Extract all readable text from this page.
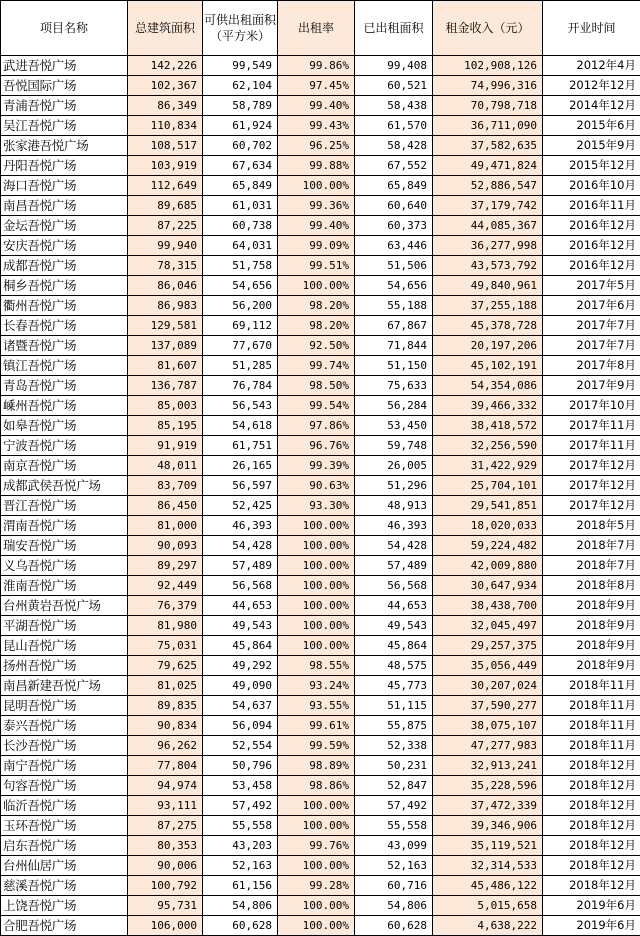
项目名称	总建筑面积	可供出租面积（平方米）	出租率	已出租面积	租金收入（元）	开业时间
武进吾悦广场	142,226	99,549	99.86%	99,408	102,908,126	2012年4月
吾悦国际广场	102,367	62,104	97.45%	60,521	74,996,316	2012年12月
青浦吾悦广场	86,349	58,789	99.40%	58,438	70,798,718	2014年12月
吴江吾悦广场	110,834	61,924	99.43%	61,570	36,711,090	2015年6月
张家港吾悦广场	108,517	60,702	96.25%	58,428	37,582,635	2015年9月
丹阳吾悦广场	103,919	67,634	99.88%	67,552	49,471,824	2015年12月
海口吾悦广场	112,649	65,849	100.00%	65,849	52,886,547	2016年10月
南昌吾悦广场	89,685	61,031	99.36%	60,640	37,179,742	2016年11月
金坛吾悦广场	87,225	60,738	99.40%	60,373	44,085,367	2016年12月
安庆吾悦广场	99,940	64,031	99.09%	63,446	36,277,998	2016年12月
成都吾悦广场	78,315	51,758	99.51%	51,506	43,573,792	2016年12月
桐乡吾悦广场	86,046	54,656	100.00%	54,656	49,840,961	2017年5月
衢州吾悦广场	86,983	56,200	98.20%	55,188	37,255,188	2017年6月
长春吾悦广场	129,581	69,112	98.20%	67,867	45,378,728	2017年7月
诸暨吾悦广场	137,089	77,670	92.50%	71,844	20,197,206	2017年7月
镇江吾悦广场	81,607	51,285	99.74%	51,150	45,102,191	2017年8月
青岛吾悦广场	136,787	76,784	98.50%	75,633	54,354,086	2017年9月
嵊州吾悦广场	85,003	56,543	99.54%	56,284	39,466,332	2017年10月
如皋吾悦广场	85,195	54,618	97.86%	53,450	38,418,572	2017年11月
宁波吾悦广场	91,919	61,751	96.76%	59,748	32,256,590	2017年11月
南京吾悦广场	48,011	26,165	99.39%	26,005	31,422,929	2017年12月
成都武侯吾悦广场	83,709	56,597	90.63%	51,296	25,704,101	2017年12月
晋江吾悦广场	86,450	52,425	93.30%	48,913	29,541,851	2017年12月
渭南吾悦广场	81,000	46,393	100.00%	46,393	18,020,033	2018年5月
瑞安吾悦广场	90,093	54,428	100.00%	54,428	59,224,482	2018年7月
义乌吾悦广场	89,297	57,489	100.00%	57,489	42,009,880	2018年7月
淮南吾悦广场	92,449	56,568	100.00%	56,568	30,647,934	2018年8月
台州黄岩吾悦广场	76,379	44,653	100.00%	44,653	38,438,700	2018年9月
平湖吾悦广场	81,980	49,543	100.00%	49,543	32,045,497	2018年9月
昆山吾悦广场	75,031	45,864	100.00%	45,864	29,257,375	2018年9月
扬州吾悦广场	79,625	49,292	98.55%	48,575	35,056,449	2018年9月
南昌新建吾悦广场	81,025	49,090	93.24%	45,773	30,207,024	2018年11月
昆明吾悦广场	89,835	54,637	93.55%	51,115	37,590,277	2018年11月
泰兴吾悦广场	90,834	56,094	99.61%	55,875	38,075,107	2018年11月
长沙吾悦广场	96,262	52,554	99.59%	52,338	47,277,983	2018年11月
南宁吾悦广场	77,804	50,796	98.89%	50,231	32,913,241	2018年12月
句容吾悦广场	94,974	53,458	98.86%	52,847	35,228,596	2018年12月
临沂吾悦广场	93,111	57,492	100.00%	57,492	37,472,339	2018年12月
玉环吾悦广场	87,275	55,558	100.00%	55,558	39,346,906	2018年12月
启东吾悦广场	80,353	43,203	99.76%	43,099	35,119,521	2018年12月
台州仙居广场	90,006	52,163	100.00%	52,163	32,314,533	2018年12月
慈溪吾悦广场	100,792	61,156	99.28%	60,716	45,486,122	2018年12月
上饶吾悦广场	95,731	54,806	100.00%	54,806	5,015,658	2019年6月
合肥吾悦广场	106,000	60,628	100.00%	60,628	4,638,222	2019年6月
